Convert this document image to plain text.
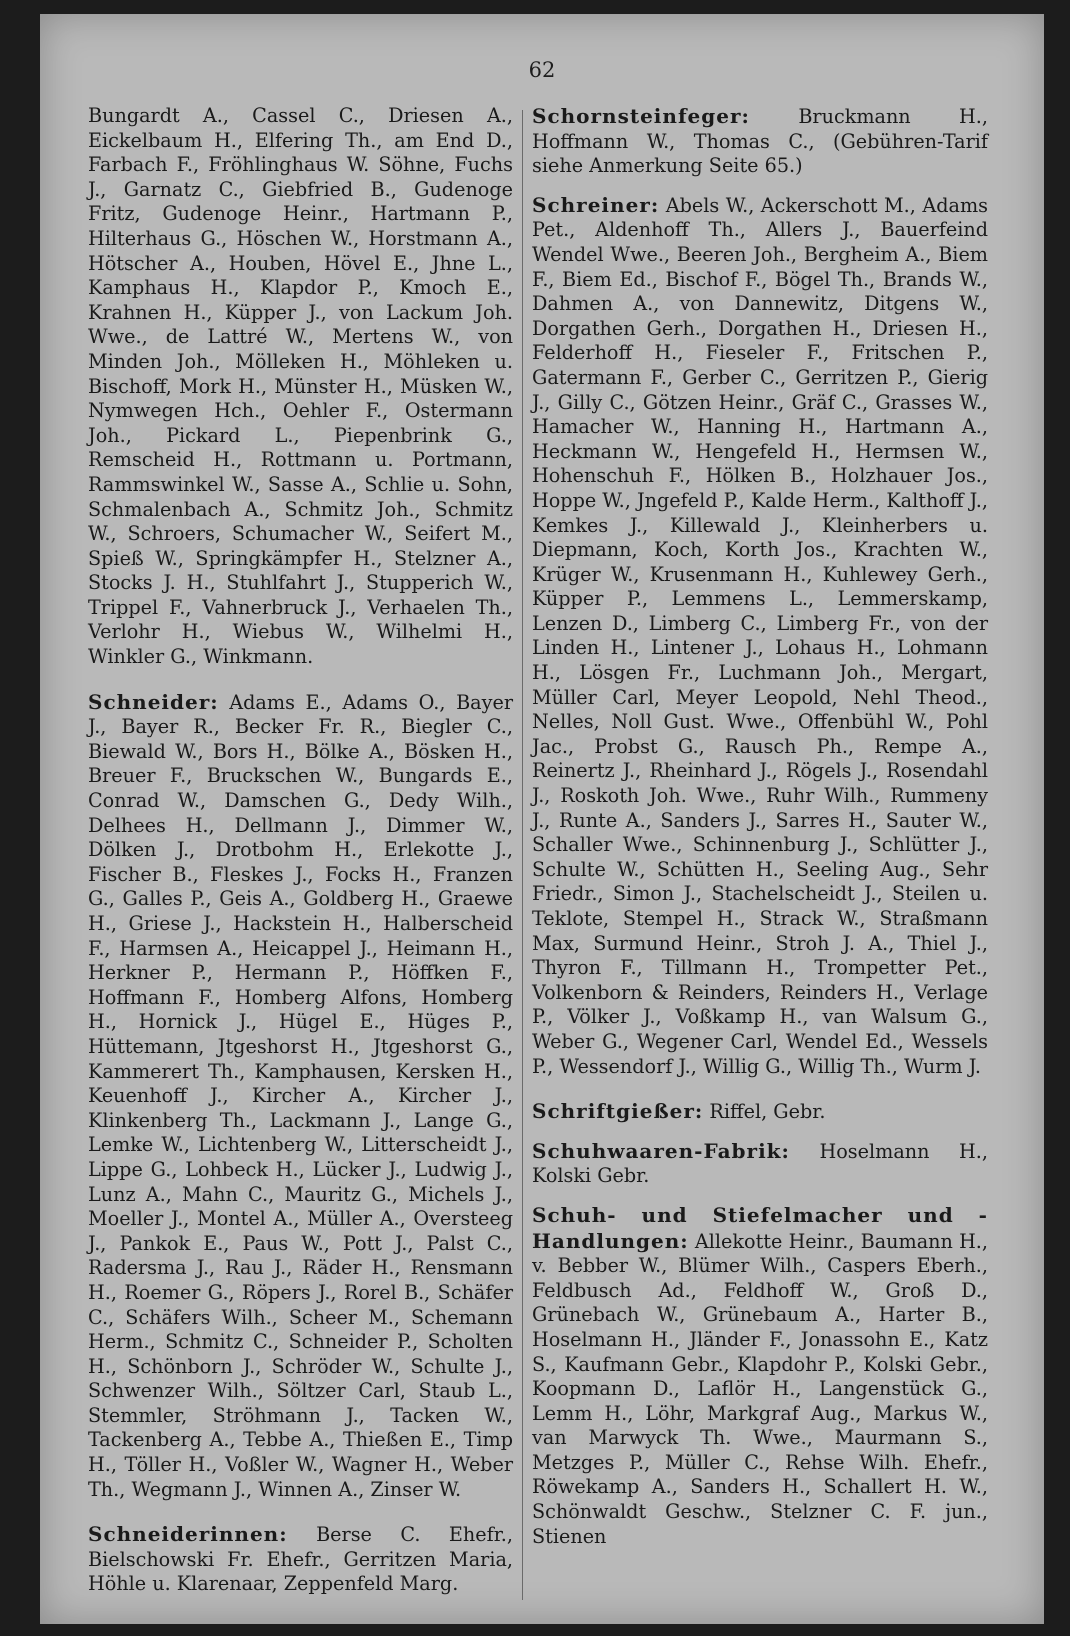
62

Bungardt A., Cassel C., Driesen A., Eickelbaum H., Elfering Th., am End D., Farbach F., Fröhlinghaus W. Söhne, Fuchs J., Garnatz C., Giebfried B., Gudenoge Fritz, Gudenoge Heinr., Hartmann P., Hilterhaus G., Höschen W., Horstmann A., Hötscher A., Houben, Hövel E., Jhne L., Kamphaus H., Klapdor P., Kmoch E., Krahnen H., Küpper J., von Lackum Joh. Wwe., de Lattré W., Mertens W., von Minden Joh., Mölleken H., Möhleken u. Bischoff, Mork H., Münster H., Müsken W., Nymwegen Hch., Oehler F., Ostermann Joh., Pickard L., Piepenbrink G., Remscheid H., Rottmann u. Portmann, Rammswinkel W., Sasse A., Schlie u. Sohn, Schmalenbach A., Schmitz Joh., Schmitz W., Schroers, Schumacher W., Seifert M., Spieß W., Springkämpfer H., Stelzner A., Stocks J. H., Stuhlfahrt J., Stupperich W., Trippel F., Vahnerbruck J., Verhaelen Th., Verlohr H., Wiebus W., Wilhelmi H., Winkler G., Winkmann.

Schneider: Adams E., Adams O., Bayer J., Bayer R., Becker Fr. R., Biegler C., Biewald W., Bors H., Bölke A., Bösken H., Breuer F., Bruckschen W., Bungards E., Conrad W., Damschen G., Dedy Wilh., Delhees H., Dellmann J., Dimmer W., Dölken J., Drotbohm H., Erlekotte J., Fischer B., Fleskes J., Focks H., Franzen G., Galles P., Geis A., Goldberg H., Graewe H., Griese J., Hackstein H., Halberscheid F., Harmsen A., Heicappel J., Heimann H., Herkner P., Hermann P., Höffken F., Hoffmann F., Homberg Alfons, Homberg H., Hornick J., Hügel E., Hüges P., Hüttemann, Jtgeshorst H., Jtgeshorst G., Kammerert Th., Kamphausen, Kersken H., Keuenhoff J., Kircher A., Kircher J., Klinkenberg Th., Lackmann J., Lange G., Lemke W., Lichtenberg W., Litterscheidt J., Lippe G., Lohbeck H., Lücker J., Ludwig J., Lunz A., Mahn C., Mauritz G., Michels J., Moeller J., Montel A., Müller A., Oversteeg J., Pankok E., Paus W., Pott J., Palst C., Radersma J., Rau J., Räder H., Rensmann H., Roemer G., Röpers J., Rorel B., Schäfer C., Schäfers Wilh., Scheer M., Schemann Herm., Schmitz C., Schneider P., Scholten H., Schönborn J., Schröder W., Schulte J., Schwenzer Wilh., Söltzer Carl, Staub L., Stemmler, Ströhmann J., Tacken W., Tackenberg A., Tebbe A., Thießen E., Timp H., Töller H., Voßler W., Wagner H., Weber Th., Wegmann J., Winnen A., Zinser W.

Schneiderinnen: Berse C. Ehefr., Bielschowski Fr. Ehefr., Gerritzen Maria, Höhle u. Klarenaar, Zeppenfeld Marg.

Schornsteinfeger:	Bruckmann H., Hoffmann W., Thomas C., (Gebühren-Tarif siehe Anmerkung Seite 65.)

Schreiner: Abels W., Ackerschott M., Adams Pet., Aldenhoff Th., Allers J., Bauerfeind Wendel Wwe., Beeren Joh., Bergheim A., Biem F., Biem Ed., Bischof F., Bögel Th., Brands W., Dahmen A., von Dannewitz, Ditgens W., Dorgathen Gerh., Dorgathen H., Driesen H., Felderhoff H., Fieseler F., Fritschen P., Gatermann F., Gerber C., Gerritzen P., Gierig J., Gilly C., Götzen Heinr., Gräf C., Grasses W., Hamacher W., Hanning H., Hartmann A., Heckmann W., Hengefeld H., Hermsen W., Hohenschuh F., Hölken B., Holzhauer Jos., Hoppe W., Jngefeld P., Kalde Herm., Kalthoff J., Kemkes J., Killewald J., Kleinherbers u. Diepmann, Koch, Korth Jos., Krachten W., Krüger W., Krusenmann H., Kuhlewey Gerh., Küpper P., Lemmens L., Lemmerskamp, Lenzen D., Limberg C., Limberg Fr., von der Linden H., Lintener J., Lohaus H., Lohmann H., Lösgen Fr., Luchmann Joh., Mergart, Müller Carl, Meyer Leopold, Nehl Theod., Nelles, Noll Gust. Wwe., Offenbühl W., Pohl Jac., Probst G., Rausch Ph., Rempe A., Reinertz J., Rheinhard J., Rögels J., Rosendahl J., Roskoth Joh. Wwe., Ruhr Wilh., Rummeny J., Runte A., Sanders J., Sarres H., Sauter W., Schaller Wwe., Schinnenburg J., Schlütter J., Schulte W., Schütten H., Seeling Aug., Sehr Friedr., Simon J., Stachelscheidt J., Steilen u. Teklote, Stempel H., Strack W., Straßmann Max, Surmund Heinr., Stroh J. A., Thiel J., Thyron F., Tillmann H., Trompetter Pet., Volkenborn & Reinders, Reinders H., Verlage P., Völker J., Voßkamp H., van Walsum G., Weber G., Wegener Carl, Wendel Ed., Wessels P., Wessendorf J., Willig G., Willig Th., Wurm J.

Schriftgießer: Riffel, Gebr.

Schuhwaaren-Fabrik: Hoselmann H., Kolski Gebr.

Schuh- und Stiefelmacher und -Handlungen: Allekotte Heinr., Baumann H., v. Bebber W., Blümer Wilh., Caspers Eberh., Feldbusch Ad., Feldhoff W., Groß D., Grünebach W., Grünebaum A., Harter B., Hoselmann H., Jländer F., Jonassohn E., Katz S., Kaufmann Gebr., Klapdohr P., Kolski Gebr., Koopmann D., Laflör H., Langenstück G., Lemm H., Löhr, Markgraf Aug., Markus W., van Marwyck Th. Wwe., Maurmann S., Metzges P., Müller C., Rehse Wilh. Ehefr., Röwekamp A., Sanders H., Schallert H. W., Schönwaldt Geschw., Stelzner C. F. jun., Stienen
